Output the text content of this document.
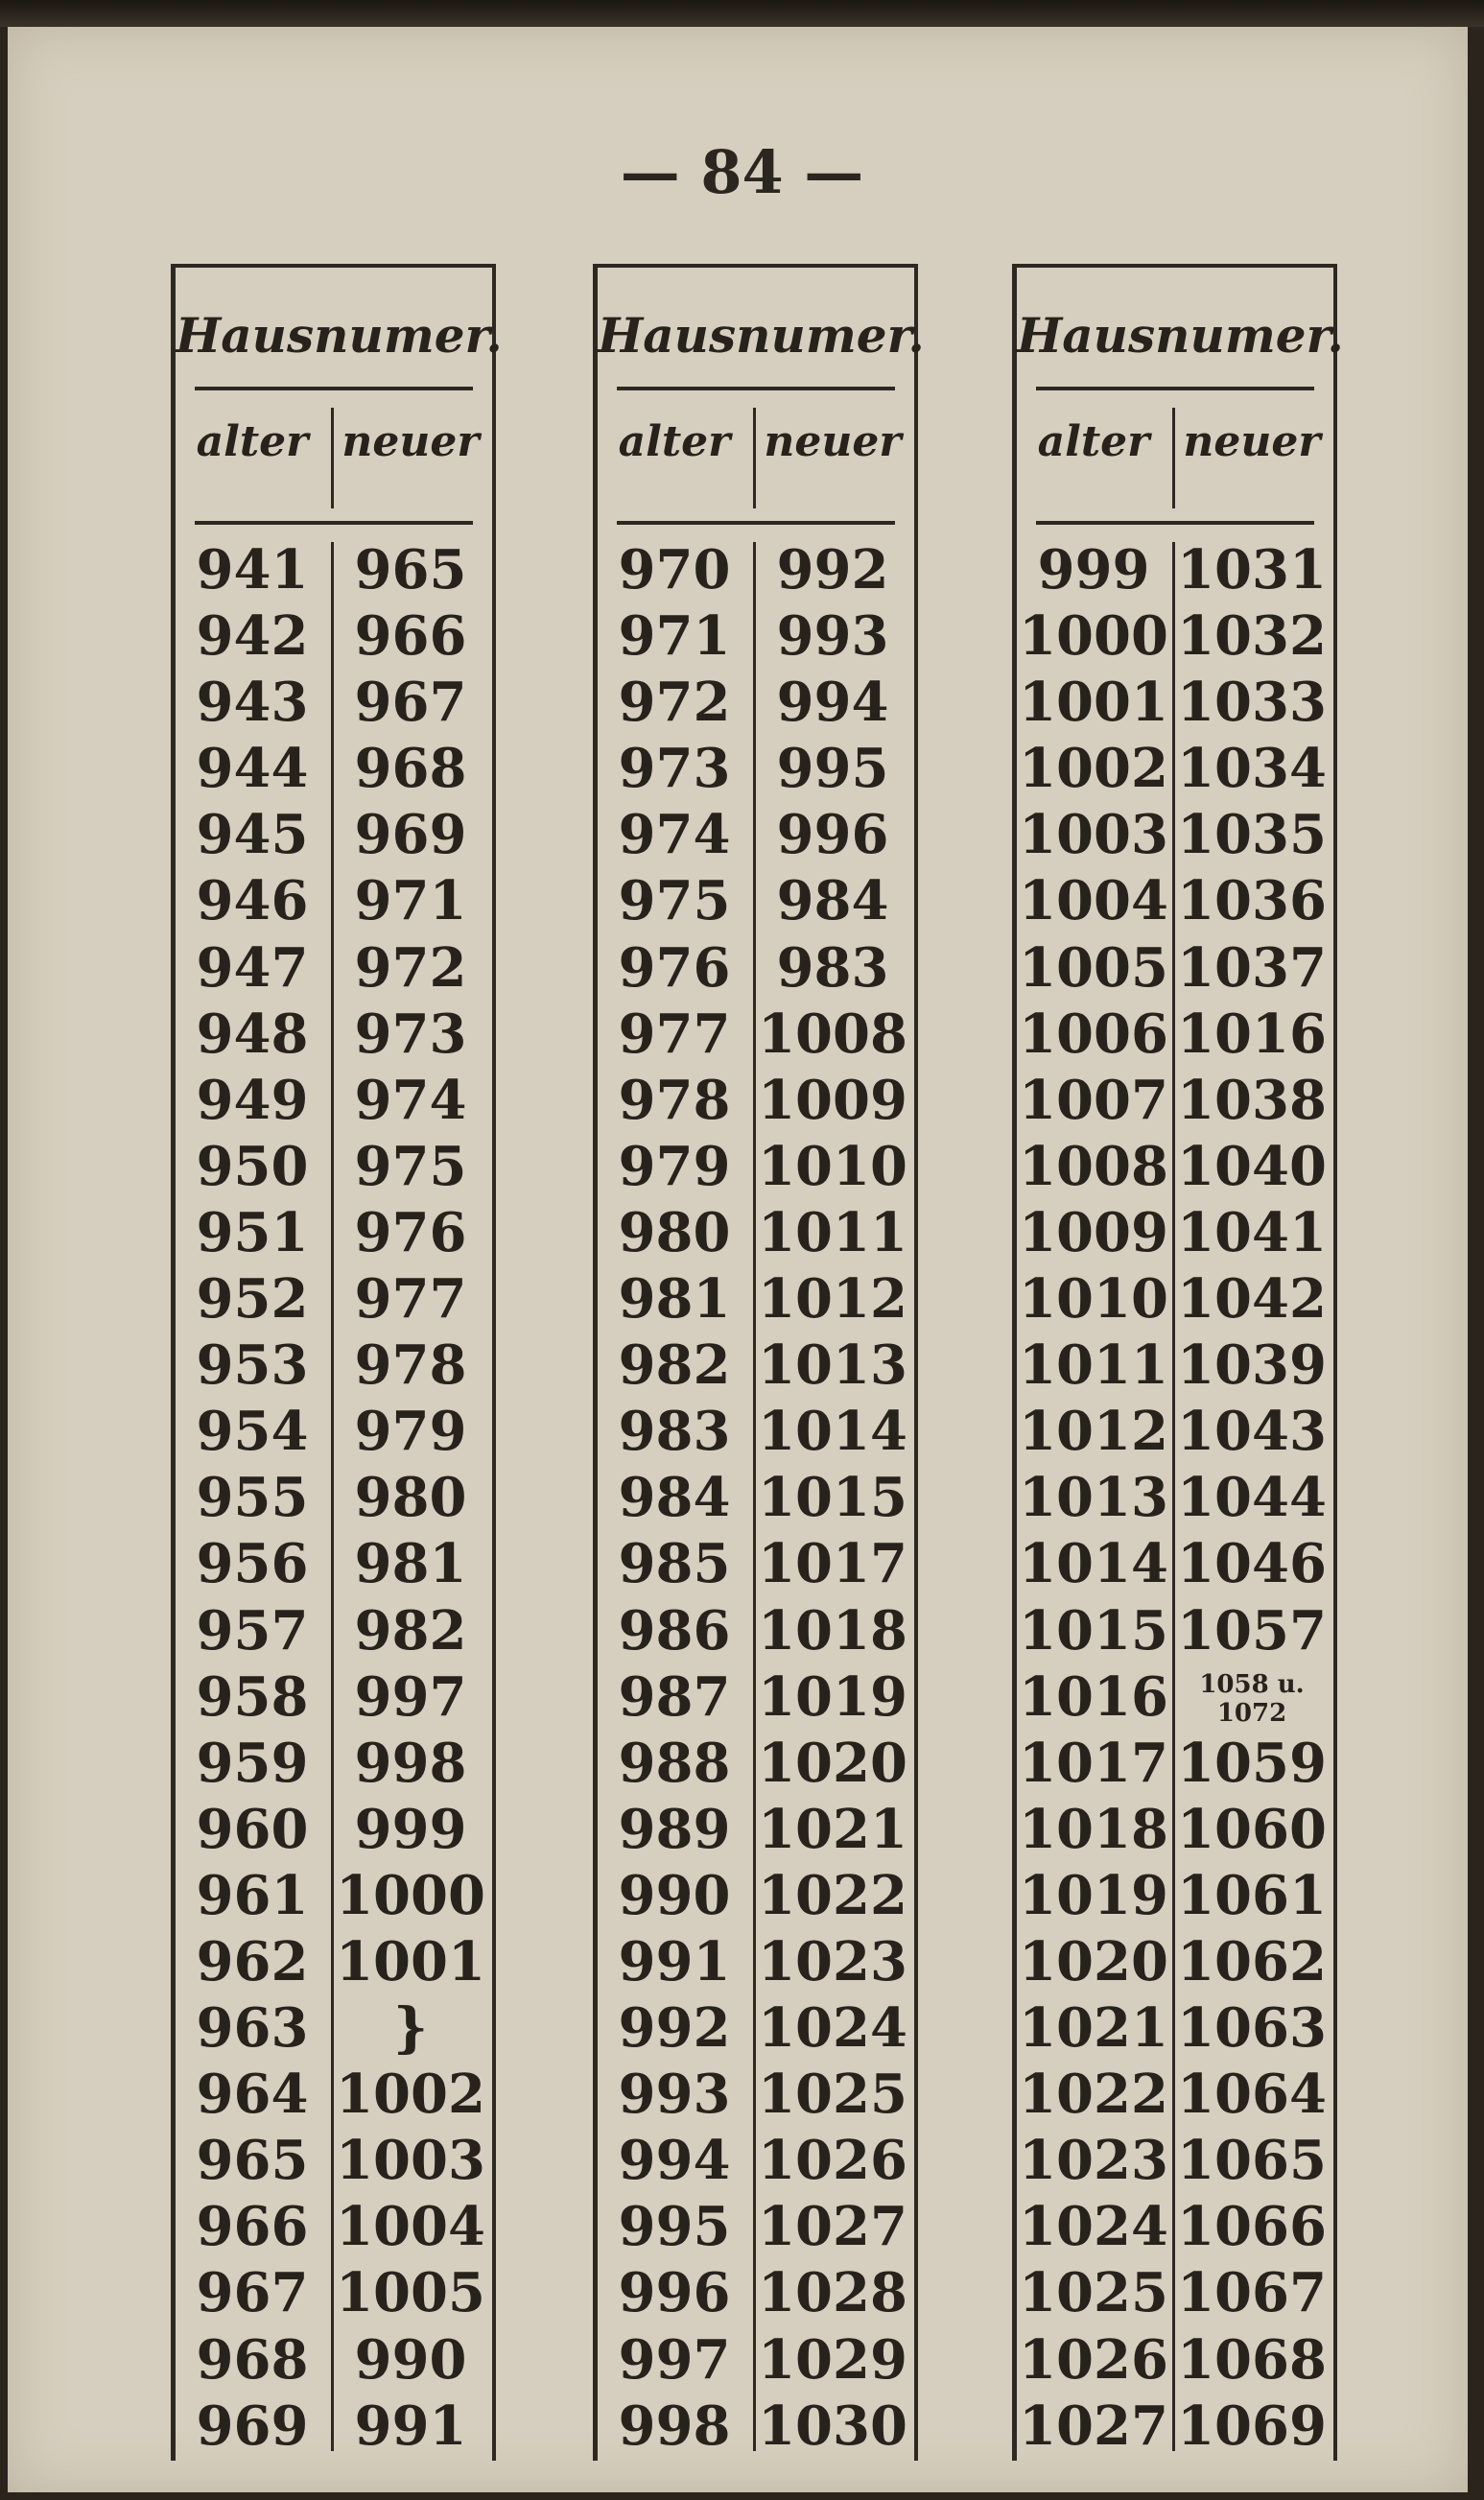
— 84 —
Hausnumer.
alter neuer
941 965
942 966
943 967
944 968
945 969
946 971
947 972
948 973
949 974
950 975
951 976
952 977
953 978
954 979
955 980
956 981
957 982
958 997
959 998
960 999
961 1000
962 1001
963	} 1002
964
965 1003
966 1004
967 1005
968 990
969 991
Hausnumer.
alter neuer
970 992
971 993
972 994
973 995
974 996
975 984
976 983
977 1008
978 1009
979 1010
980 1011
981 1012
982 1013
983 1014
984 1015
985 1017
986 1018
987 1019
988 1020
989 1021
990 1022
991 1023
992 1024
993 1025
994 1026
995 1027
996 1028
997 1029
998 1030
Hausnumer.
alter neuer
999 1031
1000 1032
1001 1033
1002 1034
1003 1035
1004 1036
1005 1037
1006 1016
1007 1038
1008 1040
1009 1041
1010 1042
1011 1039
1012 1043
1013 1044
1014 1046
1015 1057
1016	1058 u. 1072
1017 1059
1018 1060
1019 1061
1020 1062
1021 1063
1022 1064
1023 1065
1024 1066
1025 1067
1026 1068
1027 1069
